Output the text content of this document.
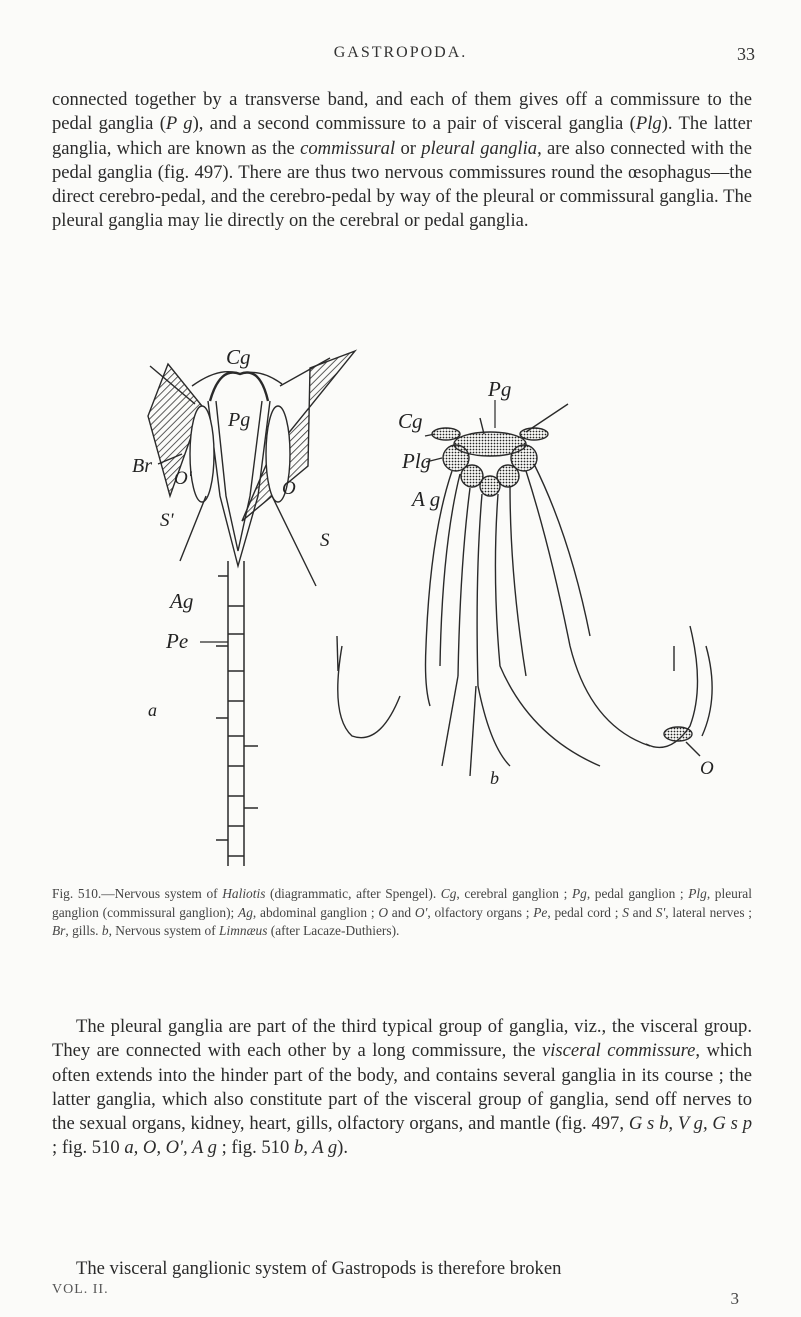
GASTROPODA.	33

connected together by a transverse band, and each of them gives off a commissure to the pedal ganglia (P g), and a second commissure to a pair of visceral ganglia (Plg). The latter ganglia, which are known as the commissural or pleural ganglia, are also connected with the pedal ganglia (fig. 497). There are thus two nervous commissures round the œsophagus—the direct cerebro-pedal, and the cerebro-pedal by way of the pleural or commissural ganglia. The pleural ganglia may lie directly on the cerebral or pedal ganglia.

Cg
Br
Pg
O'	O
S'
S
Ag
Pe
a
Pg
Cg
Plg
A g
O
b

Fig. 510.—Nervous system of Haliotis (diagrammatic, after Spengel). Cg, cerebral ganglion ; Pg, pedal ganglion ; Plg, pleural ganglion (commissural ganglion); Ag, abdominal ganglion ; O and O', olfactory organs ; Pe, pedal cord ; S and S', lateral nerves ; Br, gills. b, Nervous system of Limnæus (after Lacaze-Duthiers).

The pleural ganglia are part of the third typical group of ganglia, viz., the visceral group. They are connected with each other by a long commissure, the visceral commissure, which often extends into the hinder part of the body, and contains several ganglia in its course ; the latter ganglia, which also constitute part of the visceral group of ganglia, send off nerves to the sexual organs, kidney, heart, gills, olfactory organs, and mantle (fig. 497, G s b, V g, G s p ; fig. 510 a, O, O', A g ; fig. 510 b, A g).

The visceral ganglionic system of Gastropods is therefore broken

VOL. II.	3
